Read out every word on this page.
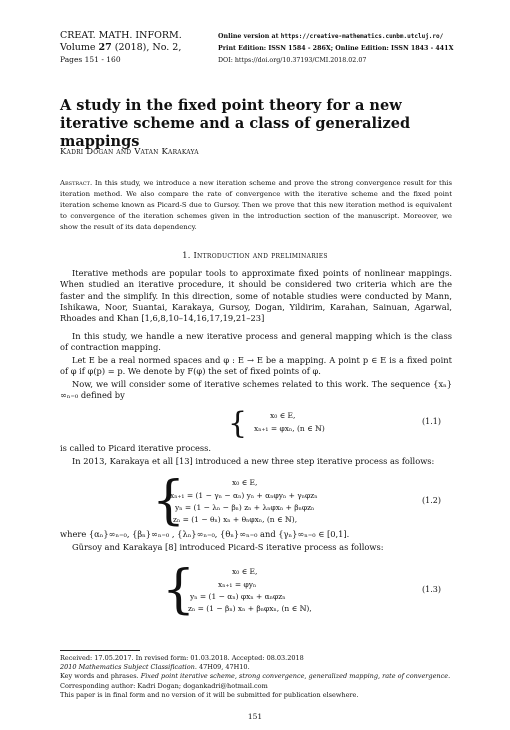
CREAT. MATH. INFORM.
Volume 27 (2018), No. 2,
Pages 151 - 160
Online version at https://creative-mathematics.cunbm.utcluj.ro/
Print Edition: ISSN 1584 - 286X; Online Edition: ISSN 1843 - 441X
DOI: https://doi.org/10.37193/CMI.2018.02.07
A study in the fixed point theory for a new iterative scheme and a class of generalized mappings
Kadri Dogan and Vatan Karakaya
Abstract. In this study, we introduce a new iteration scheme and prove the strong convergence result for this iteration method. We also compare the rate of convergence with the iterative scheme and the fixed point iteration scheme known as Picard-S due to Gursoy. Then we prove that this new iteration method is equivalent to convergence of the iteration schemes given in the introduction section of the manuscript. Moreover, we show the result of its data dependency.
1. Introduction and preliminaries
Iterative methods are popular tools to approximate fixed points of nonlinear mappings. When studied an iterative procedure, it should be considered two criteria which are the faster and the simplify. In this direction, some of notable studies were conducted by Mann, Ishikawa, Noor, Suantai, Karakaya, Gursoy, Dogan, Yildirim, Karahan, Sainuan, Agarwal, Rhoades and Khan [1,6,8,10–14,16,17,19,21–23]
In this study, we handle a new iterative process and general mapping which is the class of contraction mapping.
Let E be a real normed spaces and φ : E → E be a mapping. A point p ∈ E is a fixed point of φ if φ(p) = p. We denote by F(φ) the set of fixed points of φ.
Now, we will consider some of iterative schemes related to this work. The sequence {xₙ}∞ₙ₌₀ defined by
{	x₀ ∈ E,
xₙ₊₁ = φxₙ, (n ∈ ℕ)
(1.1)
is called to Picard iterative process.
In 2013, Karakaya et all [13] introduced a new three step iterative process as follows:
{	x₀ ∈ E,
xₙ₊₁ = (1 − γₙ − αₙ) yₙ + αₙφyₙ + γₙφzₙ
yₙ = (1 − λₙ − βₙ) zₙ + λₙφxₙ + βₙφzₙ
zₙ = (1 − θₙ) xₙ + θₙφxₙ, (n ∈ ℕ),
(1.2)
where {αₙ}∞ₙ₌₀, {βₙ}∞ₙ₌₀ , {λₙ}∞ₙ₌₀, {θₙ}∞ₙ₌₀ and {γₙ}∞ₙ₌₀ ∈ [0,1].
Gürsoy and Karakaya [8] introduced Picard-S iterative process as follows:
{	x₀ ∈ E,
xₙ₊₁ = φyₙ
yₙ = (1 − αₙ) φxₙ + αₙφzₙ
zₙ = (1 − βₙ) xₙ + βₙφxₙ, (n ∈ ℕ),
(1.3)
Received: 17.05.2017. In revised form: 01.03.2018. Accepted: 08.03.2018
2010 Mathematics Subject Classification. 47H09, 47H10.
Key words and phrases. Fixed point iterative scheme, strong convergence, generalized mapping, rate of convergence.
Corresponding author: Kadri Dogan; dogankadri@hotmail.com
This paper is in final form and no version of it will be submitted for publication elsewhere.
151
